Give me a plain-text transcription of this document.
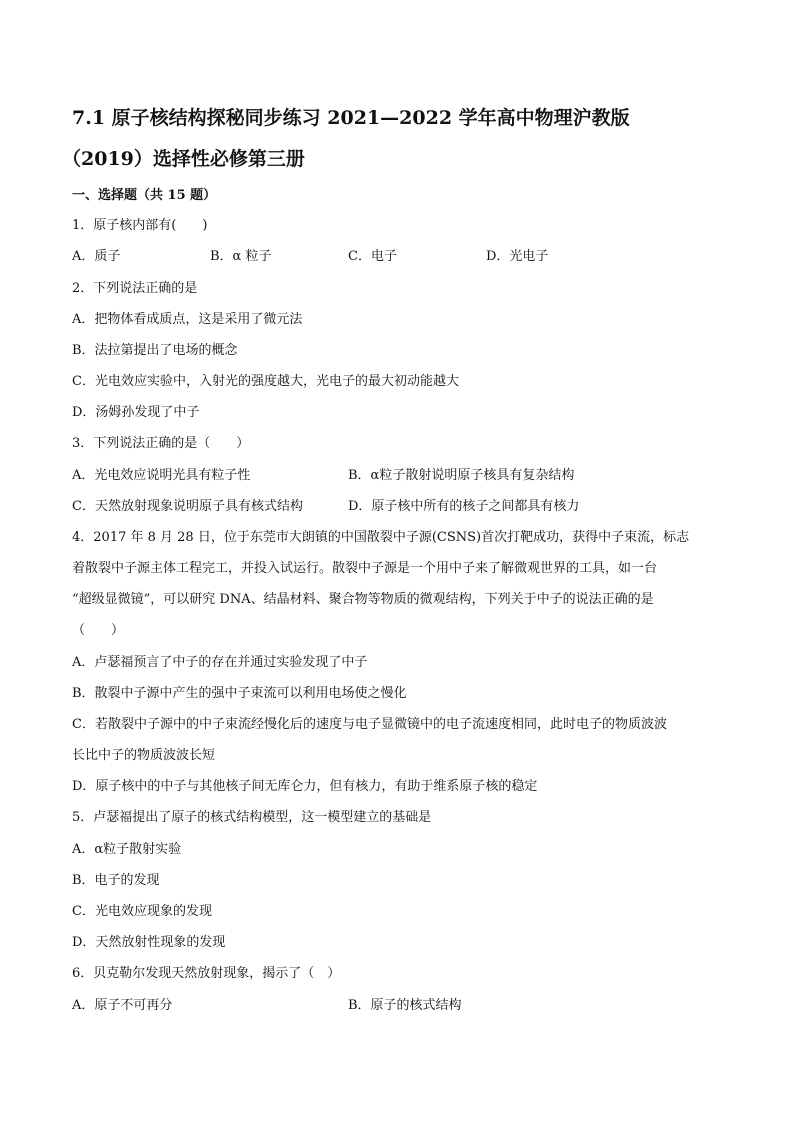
7.1 原子核结构探秘同步练习 2021—2022 学年高中物理沪教版
（2019）选择性必修第三册

一、选择题（共 15 题）

1．原子核内部有(　　)

A．质子	B．α 粒子	C．电子	D．光电子

2．下列说法正确的是

A．把物体看成质点，这是采用了微元法

B．法拉第提出了电场的概念

C．光电效应实验中，入射光的强度越大，光电子的最大初动能越大

D．汤姆孙发现了中子

3．下列说法正确的是（　　）

A．光电效应说明光具有粒子性	B．α粒子散射说明原子核具有复杂结构

C．天然放射现象说明原子具有核式结构	D．原子核中所有的核子之间都具有核力

4．2017 年 8 月 28 日，位于东莞市大朗镇的中国散裂中子源(CSNS)首次打靶成功，获得中子束流，标志

着散裂中子源主体工程完工，并投入试运行。散裂中子源是一个用中子来了解微观世界的工具，如一台

“超级显微镜”，可以研究 DNA、结晶材料、聚合物等物质的微观结构，下列关于中子的说法正确的是

（　　）

A．卢瑟福预言了中子的存在并通过实验发现了中子

B．散裂中子源中产生的强中子束流可以利用电场使之慢化

C．若散裂中子源中的中子束流经慢化后的速度与电子显微镜中的电子流速度相同，此时电子的物质波波

长比中子的物质波波长短

D．原子核中的中子与其他核子间无库仑力，但有核力，有助于维系原子核的稳定

5．卢瑟福提出了原子的核式结构模型，这一模型建立的基础是

A．α粒子散射实验

B．电子的发现

C．光电效应现象的发现

D．天然放射性现象的发现

6．贝克勒尔发现天然放射现象，揭示了（　）

A．原子不可再分	B．原子的核式结构
